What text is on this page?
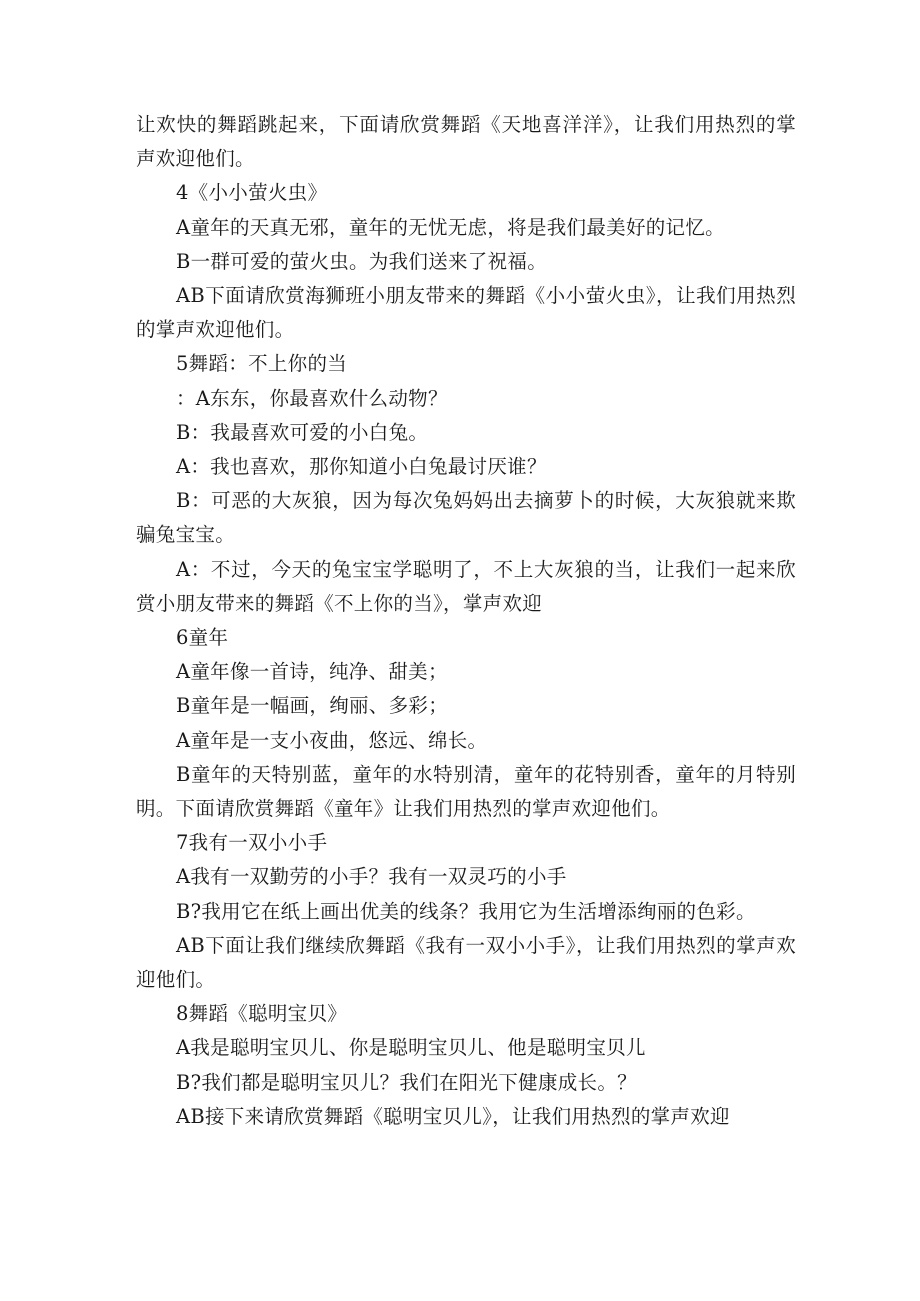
让欢快的舞蹈跳起来，下面请欣赏舞蹈《天地喜洋洋》，让我们用热烈的掌声欢迎他们。

4《小小萤火虫》

A童年的天真无邪，童年的无忧无虑，将是我们最美好的记忆。

B一群可爱的萤火虫。为我们送来了祝福。

AB下面请欣赏海狮班小朋友带来的舞蹈《小小萤火虫》，让我们用热烈的掌声欢迎他们。

5舞蹈：不上你的当

：A东东，你最喜欢什么动物？

B：我最喜欢可爱的小白兔。

A：我也喜欢，那你知道小白兔最讨厌谁？

B：可恶的大灰狼，因为每次兔妈妈出去摘萝卜的时候，大灰狼就来欺骗兔宝宝。

A：不过，今天的兔宝宝学聪明了，不上大灰狼的当，让我们一起来欣赏小朋友带来的舞蹈《不上你的当》，掌声欢迎

6童年

A童年像一首诗，纯净、甜美；

B童年是一幅画，绚丽、多彩；

A童年是一支小夜曲，悠远、绵长。

B童年的天特别蓝，童年的水特别清，童年的花特别香，童年的月特别明。下面请欣赏舞蹈《童年》让我们用热烈的掌声欢迎他们。

7我有一双小小手

A我有一双勤劳的小手？我有一双灵巧的小手

B?我用它在纸上画出优美的线条？我用它为生活增添绚丽的色彩。

AB下面让我们继续欣舞蹈《我有一双小小手》，让我们用热烈的掌声欢迎他们。

8舞蹈《聪明宝贝》

A我是聪明宝贝儿、你是聪明宝贝儿、他是聪明宝贝儿

B?我们都是聪明宝贝儿？我们在阳光下健康成长。？

AB接下来请欣赏舞蹈《聪明宝贝儿》，让我们用热烈的掌声欢迎
